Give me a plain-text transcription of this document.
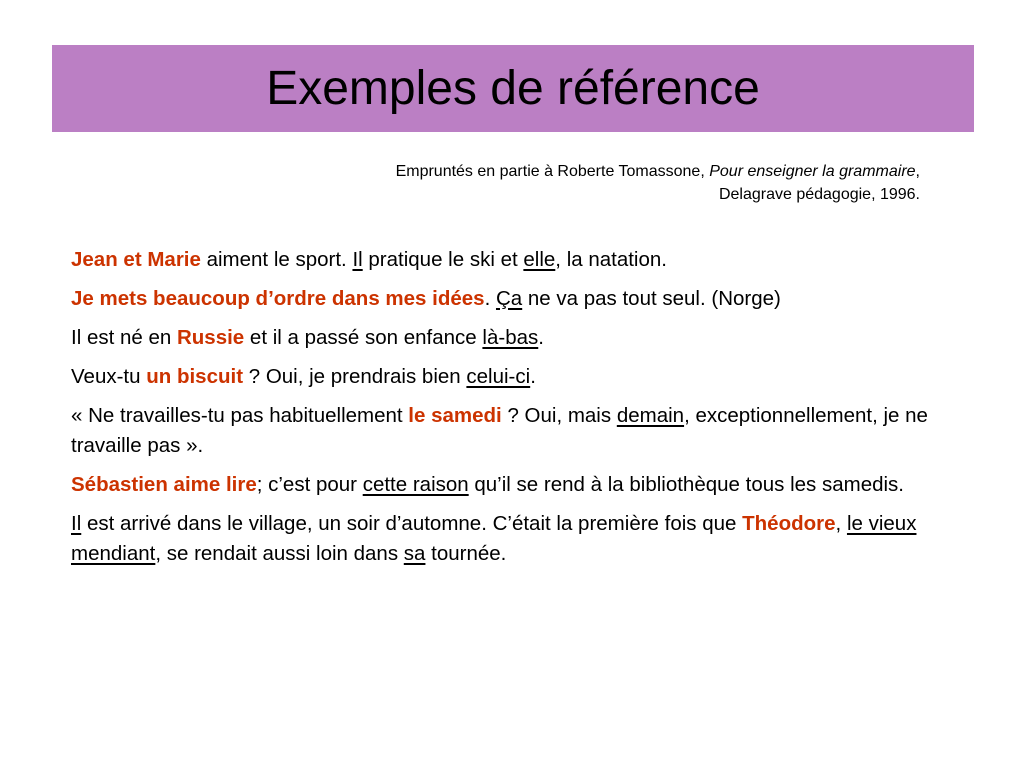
Exemples de référence
Empruntés en partie à Roberte Tomassone, Pour enseigner la grammaire,
Delagrave pédagogie, 1996.

Jean et Marie aiment le sport. Il pratique le ski et elle, la natation.

Je mets beaucoup d’ordre dans mes idées. Ça ne va pas tout seul. (Norge)

Il est né en Russie et il a passé son enfance là-bas.

Veux-tu un biscuit ? Oui, je prendrais bien celui-ci.

« Ne travailles-tu pas habituellement le samedi ? Oui, mais demain, exceptionnellement, je ne travaille pas ».

Sébastien aime lire; c’est pour cette raison qu’il se rend à la bibliothèque tous les samedis.

Il est arrivé dans le village, un soir d’automne. C’était la première fois que Théodore, le vieux mendiant, se rendait aussi loin dans sa tournée.
